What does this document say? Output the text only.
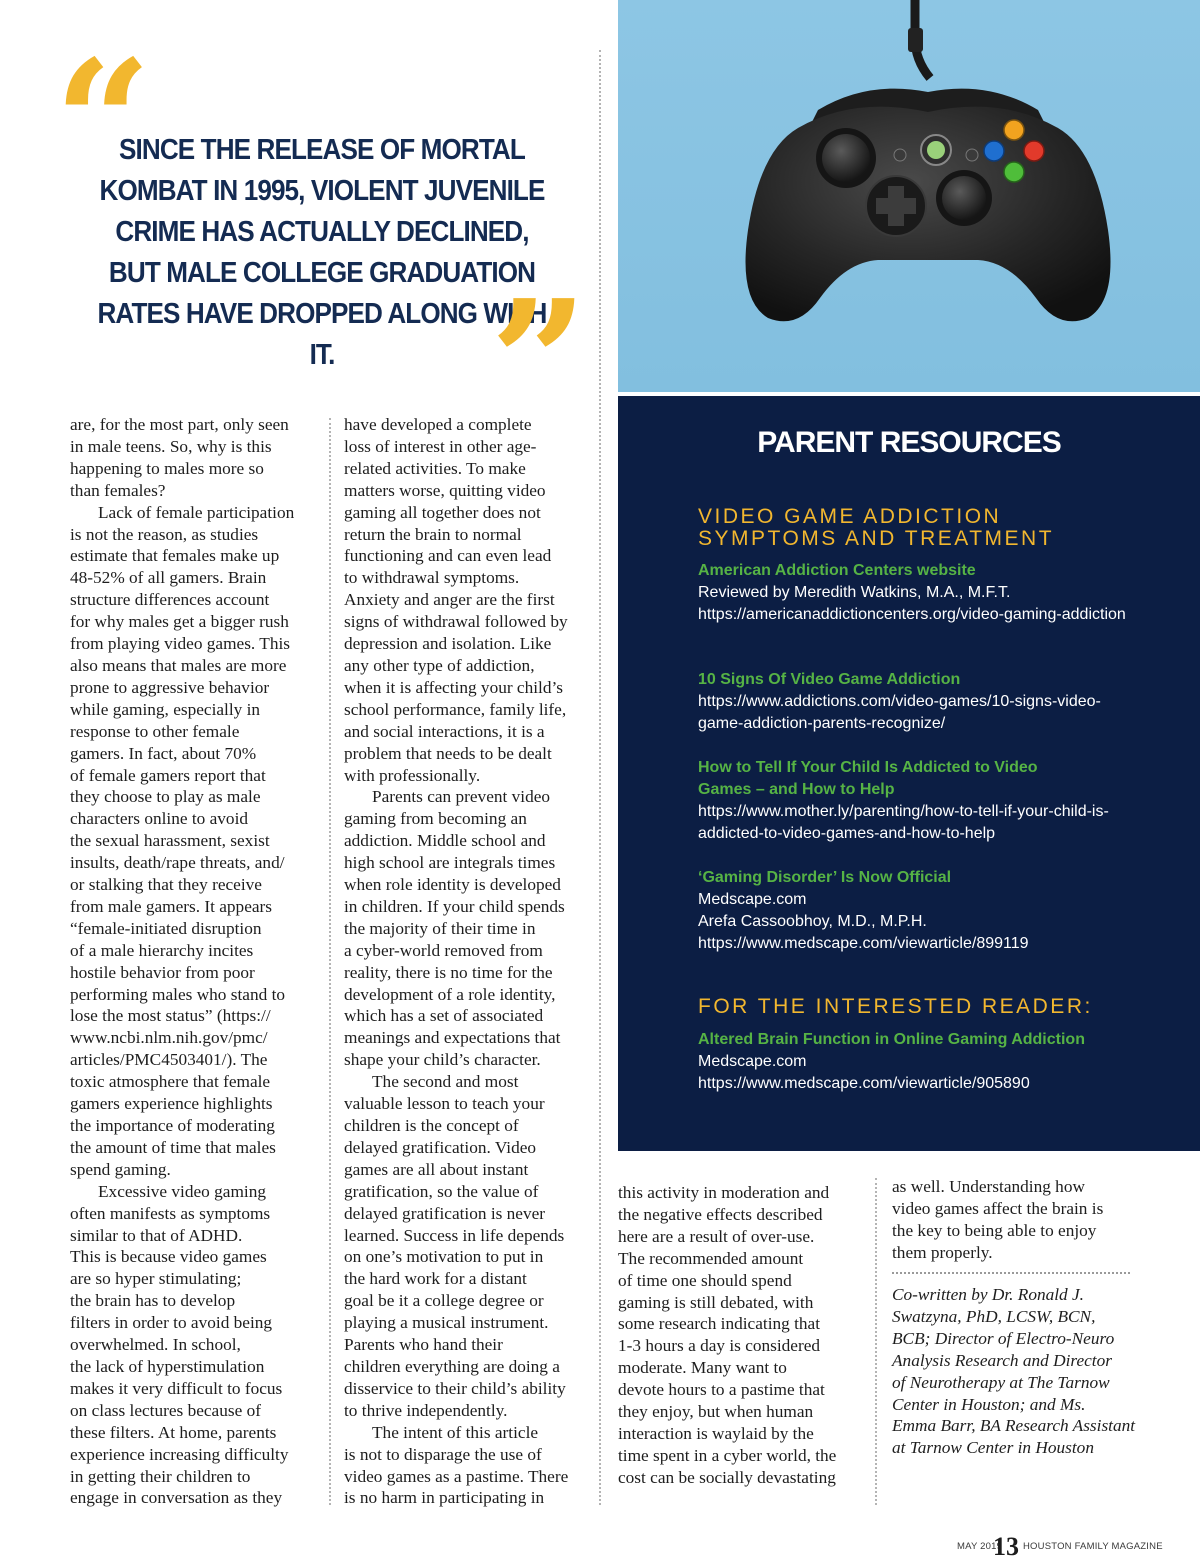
“
SINCE THE RELEASE OF MORTAL KOMBAT IN 1995, VIOLENT JUVENILE CRIME HAS ACTUALLY DECLINED, BUT MALE COLLEGE GRADUATION RATES HAVE DROPPED ALONG WITH IT. ”	PARENT RESOURCES
VIDEO GAME ADDICTION SYMPTOMS AND TREATMENT
American Addiction Centers website
Reviewed by Meredith Watkins, M.A., M.F.T.
https://americanaddictioncenters.org/video-gaming-addiction
10 Signs Of Video Game Addiction
https://www.addictions.com/video-games/10-signs-video-game-addiction-parents-recognize/
How to Tell If Your Child Is Addicted to Video Games – and How to Help
https://www.mother.ly/parenting/how-to-tell-if-your-child-is-addicted-to-video-games-and-how-to-help
‘Gaming Disorder’ Is Now Official
Medscape.com
Arefa Cassoobhoy, M.D., M.P.H.
https://www.medscape.com/viewarticle/899119
FOR THE INTERESTED READER:
Altered Brain Function in Online Gaming Addiction
Medscape.com
https://www.medscape.com/viewarticle/905890

are, for the most part, only seen
in male teens. So, why is this
happening to males more so
than females?

Lack of female participation
is not the reason, as studies
estimate that females make up
48-52% of all gamers. Brain
structure differences account
for why males get a bigger rush
from playing video games. This
also means that males are more
prone to aggressive behavior
while gaming, especially in
response to other female
gamers. In fact, about 70%
of female gamers report that
they choose to play as male
characters online to avoid
the sexual harassment, sexist
insults, death/rape threats, and/
or stalking that they receive
from male gamers. It appears
“female-initiated disruption
of a male hierarchy incites
hostile behavior from poor
performing males who stand to
lose the most status” (https://
www.ncbi.nlm.nih.gov/pmc/
articles/PMC4503401/). The
toxic atmosphere that female
gamers experience highlights
the importance of moderating
the amount of time that males
spend gaming.

Excessive video gaming
often manifests as symptoms
similar to that of ADHD.
This is because video games
are so hyper stimulating;
the brain has to develop
filters in order to avoid being
overwhelmed. In school,
the lack of hyperstimulation
makes it very difficult to focus
on class lectures because of
these filters. At home, parents
experience increasing difficulty
in getting their children to
engage in conversation as they

have developed a complete
loss of interest in other age-
related activities. To make
matters worse, quitting video
gaming all together does not
return the brain to normal
functioning and can even lead
to withdrawal symptoms.
Anxiety and anger are the first
signs of withdrawal followed by
depression and isolation. Like
any other type of addiction,
when it is affecting your child’s
school performance, family life,
and social interactions, it is a
problem that needs to be dealt
with professionally.

Parents can prevent video
gaming from becoming an
addiction. Middle school and
high school are integrals times
when role identity is developed
in children. If your child spends
the majority of their time in
a cyber-world removed from
reality, there is no time for the
development of a role identity,
which has a set of associated
meanings and expectations that
shape your child’s character.

The second and most
valuable lesson to teach your
children is the concept of
delayed gratification. Video
games are all about instant
gratification, so the value of
delayed gratification is never
learned. Success in life depends
on one’s motivation to put in
the hard work for a distant
goal be it a college degree or
playing a musical instrument.
Parents who hand their
children everything are doing a
disservice to their child’s ability
to thrive independently.

The intent of this article
is not to disparage the use of
video games as a pastime. There
is no harm in participating in

this activity in moderation and
the negative effects described
here are a result of over-use.
The recommended amount
of time one should spend
gaming is still debated, with
some research indicating that
1-3 hours a day is considered
moderate. Many want to
devote hours to a pastime that
they enjoy, but when human
interaction is waylaid by the
time spent in a cyber world, the
cost can be socially devastating

as well. Understanding how
video games affect the brain is
the key to being able to enjoy
them properly.

Co-written by Dr. Ronald J.
Swatzyna, PhD, LCSW, BCN,
BCB; Director of Electro-Neuro
Analysis Research and Director
of Neurotherapy at The Tarnow
Center in Houston; and Ms.
Emma Barr, BA Research Assistant
at Tarnow Center in Houston
MAY 2019
13 HOUSTON FAMILY MAGAZINE
